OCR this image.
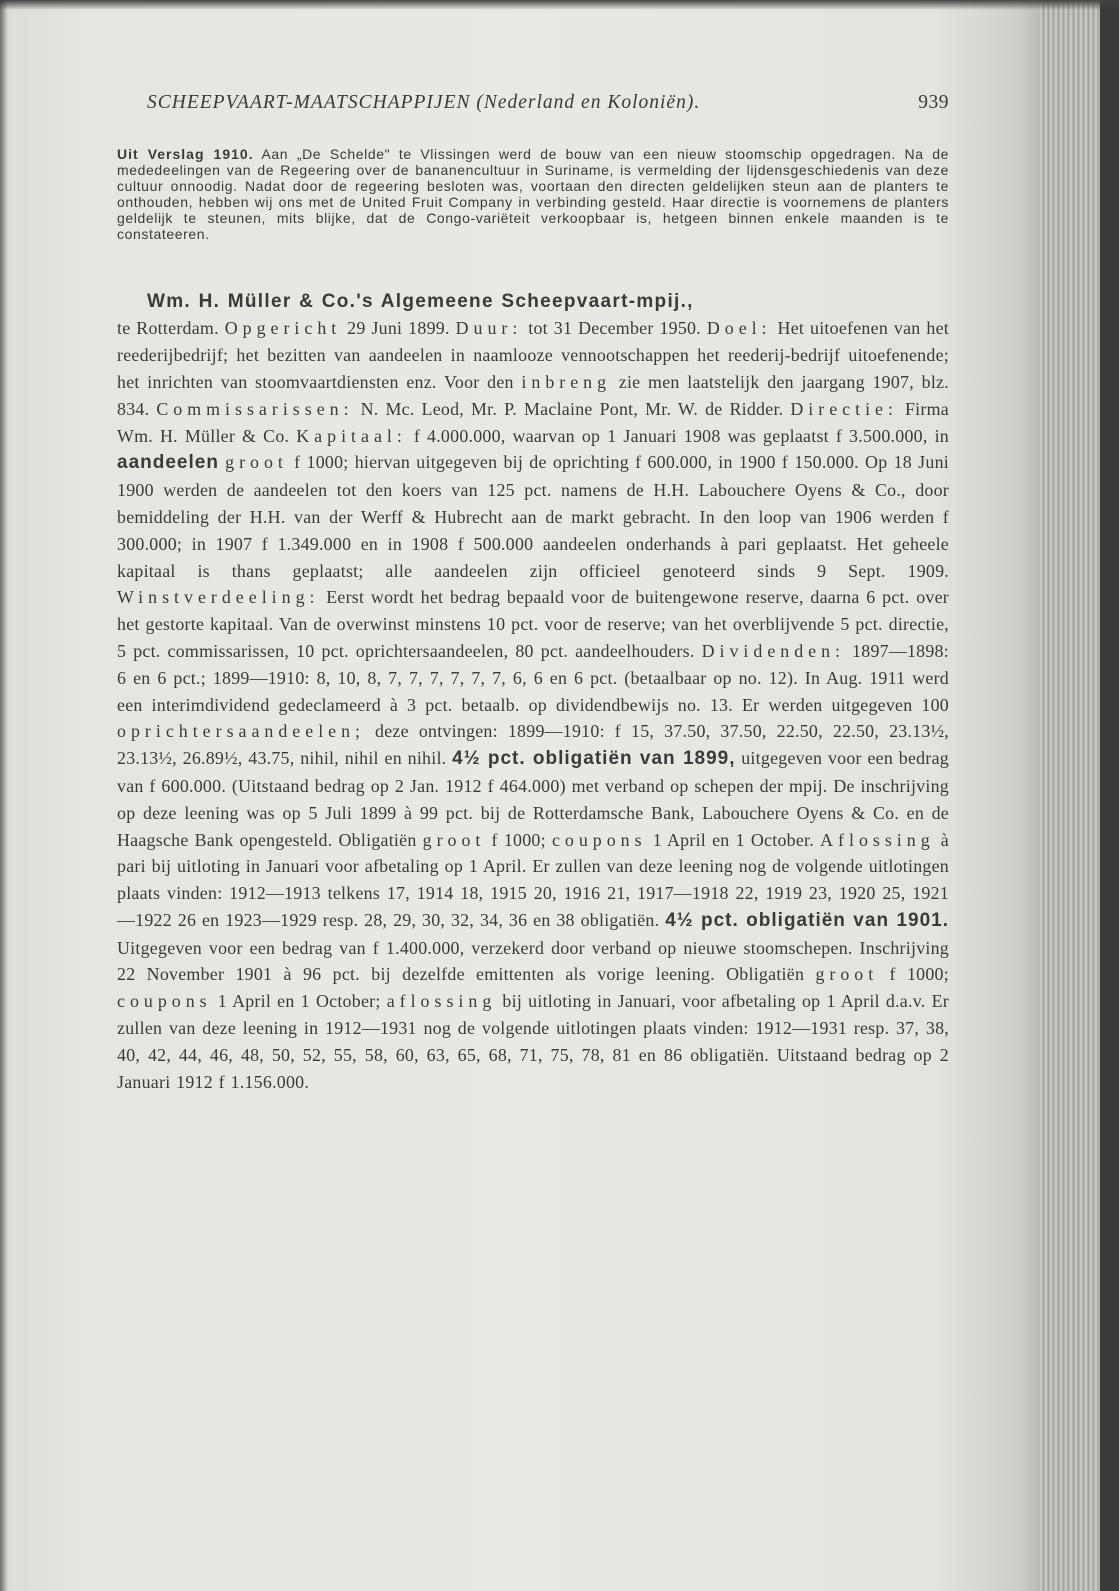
SCHEEPVAART-MAATSCHAPPIJEN (Nederland en Koloniën).	939
Uit Verslag 1910. Aan „De Schelde" te Vlissingen werd de bouw van een nieuw stoomschip opgedragen. Na de mededeelingen van de Regeering over de bananencultuur in Suriname, is vermelding der lijdensgeschiedenis van deze cultuur onnoodig. Nadat door de regeering besloten was, voortaan den directen geldelijken steun aan de planters te onthouden, hebben wij ons met de United Fruit Company in verbinding gesteld. Haar directie is voornemens de planters geldelijk te steunen, mits blijke, dat de Congo-variëteit verkoopbaar is, hetgeen binnen enkele maanden is te constateeren.
Wm. H. Müller & Co.'s Algemeene Scheepvaart-mpij.,
te Rotterdam. Opgericht 29 Juni 1899. Duur: tot 31 December 1950. Doel: Het uitoefenen van het reederijbedrijf; het bezitten van aandeelen in naamlooze vennootschappen het reederij-bedrijf uitoefenende; het inrichten van stoomvaartdiensten enz. Voor den inbreng zie men laatstelijk den jaargang 1907, blz. 834. Commissarissen: N. Mc. Leod, Mr. P. Maclaine Pont, Mr. W. de Ridder. Directie: Firma Wm. H. Müller & Co. Kapitaal: f 4.000.000, waarvan op 1 Januari 1908 was geplaatst f 3.500.000, in aandeelen groot f 1000; hiervan uitgegeven bij de oprichting f 600.000, in 1900 f 150.000. Op 18 Juni 1900 werden de aandeelen tot den koers van 125 pct. namens de H.H. Labouchere Oyens & Co., door bemiddeling der H.H. van der Werff & Hubrecht aan de markt gebracht. In den loop van 1906 werden f 300.000; in 1907 f 1.349.000 en in 1908 f 500.000 aandeelen onderhands à pari geplaatst. Het geheele kapitaal is thans geplaatst; alle aandeelen zijn officieel genoteerd sinds 9 Sept. 1909. Winstverdeeling: Eerst wordt het bedrag bepaald voor de buitengewone reserve, daarna 6 pct. over het gestorte kapitaal. Van de overwinst minstens 10 pct. voor de reserve; van het overblijvende 5 pct. directie, 5 pct. commissarissen, 10 pct. oprichtersaandeelen, 80 pct. aandeelhouders. Dividenden: 1897—1898: 6 en 6 pct.; 1899—1910: 8, 10, 8, 7, 7, 7, 7, 7, 7, 6, 6 en 6 pct. (betaalbaar op no. 12). In Aug. 1911 werd een interimdividend gedeclameerd à 3 pct. betaalb. op dividendbewijs no. 13. Er werden uitgegeven 100 oprichtersaandeelen; deze ontvingen: 1899—1910: f 15, 37.50, 37.50, 22.50, 22.50, 23.13½, 23.13½, 26.89½, 43.75, nihil, nihil en nihil. 4½ pct. obligatiën van 1899, uitgegeven voor een bedrag van f 600.000. (Uitstaand bedrag op 2 Jan. 1912 f 464.000) met verband op schepen der mpij. De inschrijving op deze leening was op 5 Juli 1899 à 99 pct. bij de Rotterdamsche Bank, Labouchere Oyens & Co. en de Haagsche Bank opengesteld. Obligatiën groot f 1000; coupons 1 April en 1 October. Aflossing à pari bij uitloting in Januari voor afbetaling op 1 April. Er zullen van deze leening nog de volgende uitlotingen plaats vinden: 1912—1913 telkens 17, 1914 18, 1915 20, 1916 21, 1917—1918 22, 1919 23, 1920 25, 1921—1922 26 en 1923—1929 resp. 28, 29, 30, 32, 34, 36 en 38 obligatiën. 4½ pct. obligatiën van 1901. Uitgegeven voor een bedrag van f 1.400.000, verzekerd door verband op nieuwe stoomschepen. Inschrijving 22 November 1901 à 96 pct. bij dezelfde emittenten als vorige leening. Obligatiën groot f 1000; coupons 1 April en 1 October; aflossing bij uitloting in Januari, voor afbetaling op 1 April d.a.v. Er zullen van deze leening in 1912—1931 nog de volgende uitlotingen plaats vinden: 1912—1931 resp. 37, 38, 40, 42, 44, 46, 48, 50, 52, 55, 58, 60, 63, 65, 68, 71, 75, 78, 81 en 86 obligatiën. Uitstaand bedrag op 2 Januari 1912 f 1.156.000.
